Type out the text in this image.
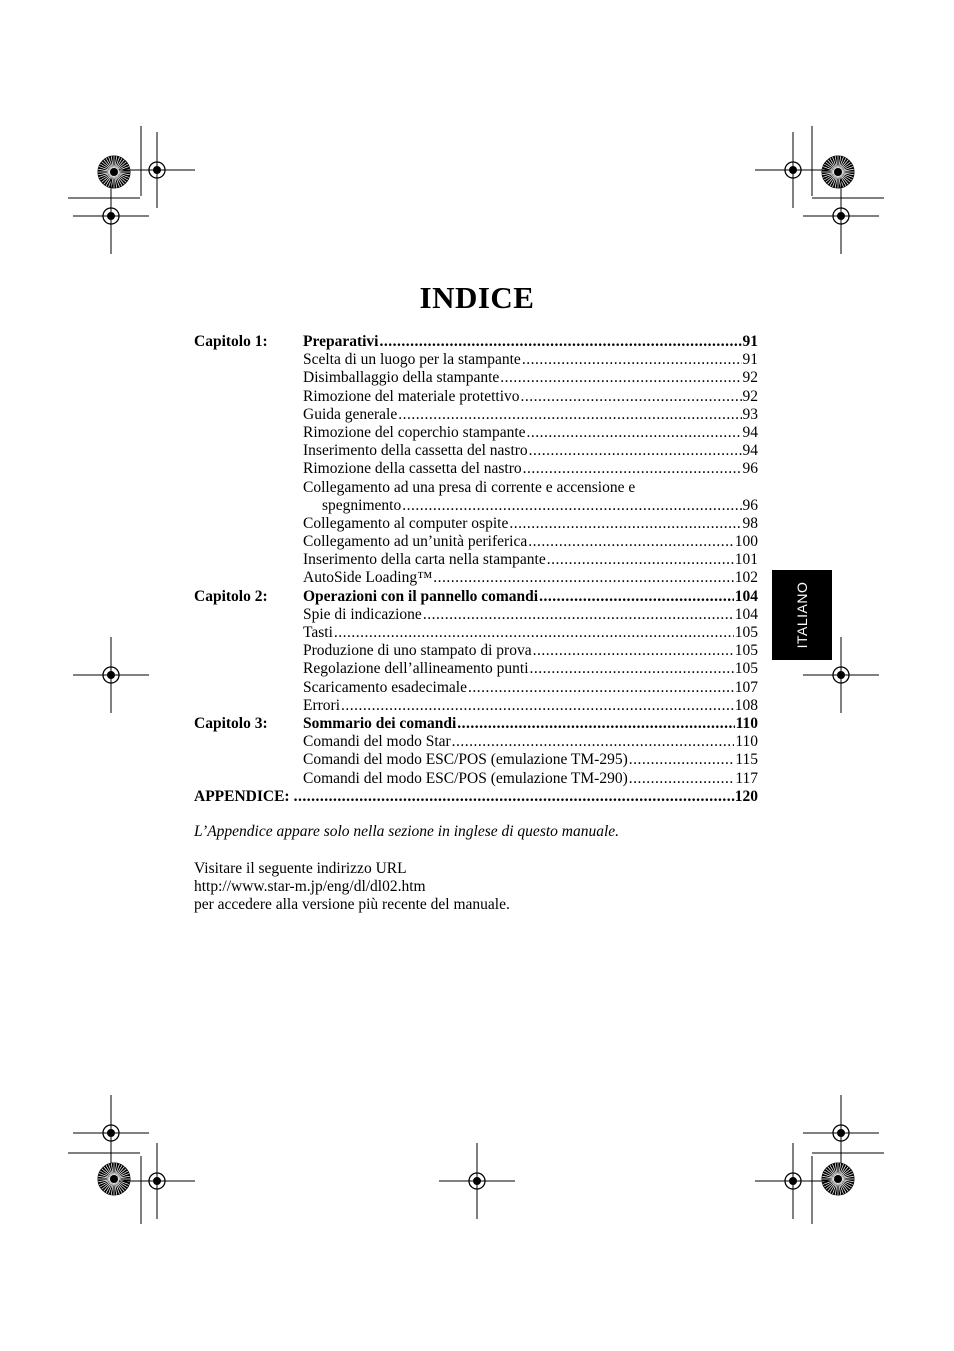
INDICE
Capitolo 1: Preparativi .....	91
Scelta di un luogo per la stampante .....	91
Disimballaggio della stampante .....	92
Rimozione del materiale protettivo .....	92
Guida generale .....	93
Rimozione del coperchio stampante .....	94
Inserimento della cassetta del nastro .....	94
Rimozione della cassetta del nastro .....	96
Collegamento ad una presa di corrente e accensione e
spegnimento .....	96
Collegamento al computer ospite .....	98
Collegamento ad un’unità periferica .....	100
Inserimento della carta nella stampante .....	101
AutoSide Loading™ .....	102
Capitolo 2: Operazioni con il pannello comandi .....	104
Spie di indicazione .....	104
Tasti .....	105
Produzione di uno stampato di prova .....	105
Regolazione dell’allineamento punti .....	105
Scaricamento esadecimale .....	107
Errori .....	108
Capitolo 3: Sommario dei comandi .....	110
Comandi del modo Star .....	110
Comandi del modo ESC/POS (emulazione TM-295) .....	115
Comandi del modo ESC/POS (emulazione TM-290) .....	117
APPENDICE: .....	120
L’Appendice appare solo nella sezione in inglese di questo manuale.
Visitare il seguente indirizzo URL
http://www.star-m.jp/eng/dl/dl02.htm
per accedere alla versione più recente del manuale.
ITALIANO
